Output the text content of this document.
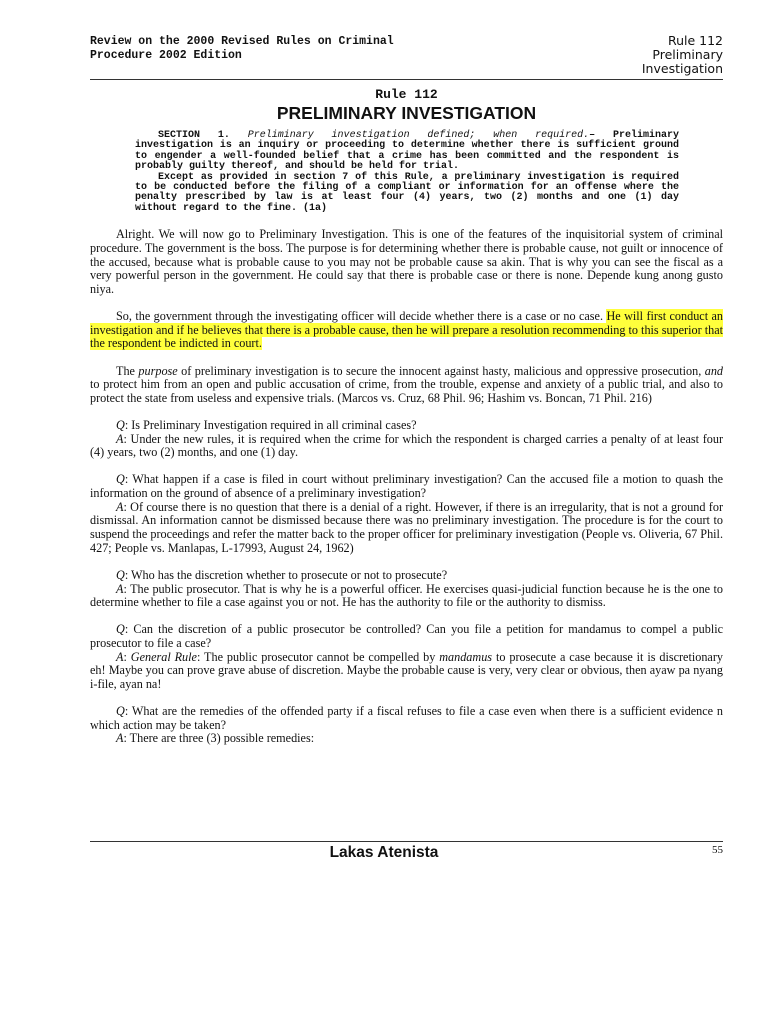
Review on the 2000 Revised Rules on Criminal
Procedure 2002 Edition
Rule 112
Preliminary
Investigation
Rule 112
PRELIMINARY INVESTIGATION

SECTION 1. Preliminary investigation defined; when required.– Preliminary investigation is an inquiry or proceeding to determine whether there is sufficient ground to engender a well-founded belief that a crime has been committed and the respondent is probably guilty thereof, and should be held for trial.

Except as provided in section 7 of this Rule, a preliminary investigation is required to be conducted before the filing of a compliant or information for an offense where the penalty prescribed by law is at least four (4) years, two (2) months and one (1) day without regard to the fine. (1a)

Alright. We will now go to Preliminary Investigation. This is one of the features of the inquisitorial system of criminal procedure. The government is the boss. The purpose is for determining whether there is probable cause, not guilt or innocence of the accused, because what is probable cause to you may not be probable cause sa akin. That is why you can see the fiscal as a very powerful person in the government. He could say that there is probable case or there is none. Depende kung anong gusto niya.

So, the government through the investigating officer will decide whether there is a case or no case. He will first conduct an investigation and if he believes that there is a probable cause, then he will prepare a resolution recommending to this superior that the respondent be indicted in court.

The purpose of preliminary investigation is to secure the innocent against hasty, malicious and oppressive prosecution, and to protect him from an open and public accusation of crime, from the trouble, expense and anxiety of a public trial, and also to protect the state from useless and expensive trials. (Marcos vs. Cruz, 68 Phil. 96; Hashim vs. Boncan, 71 Phil. 216)

Q: Is Preliminary Investigation required in all criminal cases?

A: Under the new rules, it is required when the crime for which the respondent is charged carries a penalty of at least four (4) years, two (2) months, and one (1) day.

Q: What happen if a case is filed in court without preliminary investigation? Can the accused file a motion to quash the information on the ground of absence of a preliminary investigation?

A: Of course there is no question that there is a denial of a right. However, if there is an irregularity, that is not a ground for dismissal. An information cannot be dismissed because there was no preliminary investigation. The procedure is for the court to suspend the proceedings and refer the matter back to the proper officer for preliminary investigation (People vs. Oliveria, 67 Phil. 427; People vs. Manlapas, L-17993, August 24, 1962)

Q: Who has the discretion whether to prosecute or not to prosecute?

A: The public prosecutor. That is why he is a powerful officer. He exercises quasi-judicial function because he is the one to determine whether to file a case against you or not. He has the authority to file or the authority to dismiss.

Q: Can the discretion of a public prosecutor be controlled? Can you file a petition for mandamus to compel a public prosecutor to file a case?

A: General Rule: The public prosecutor cannot be compelled by mandamus to prosecute a case because it is discretionary eh! Maybe you can prove grave abuse of discretion. Maybe the probable cause is very, very clear or obvious, then ayaw pa nyang i-file, ayan na!

Q: What are the remedies of the offended party if a fiscal refuses to file a case even when there is a sufficient evidence n which action may be taken?

A: There are three (3) possible remedies:

Lakas Atenista	55
